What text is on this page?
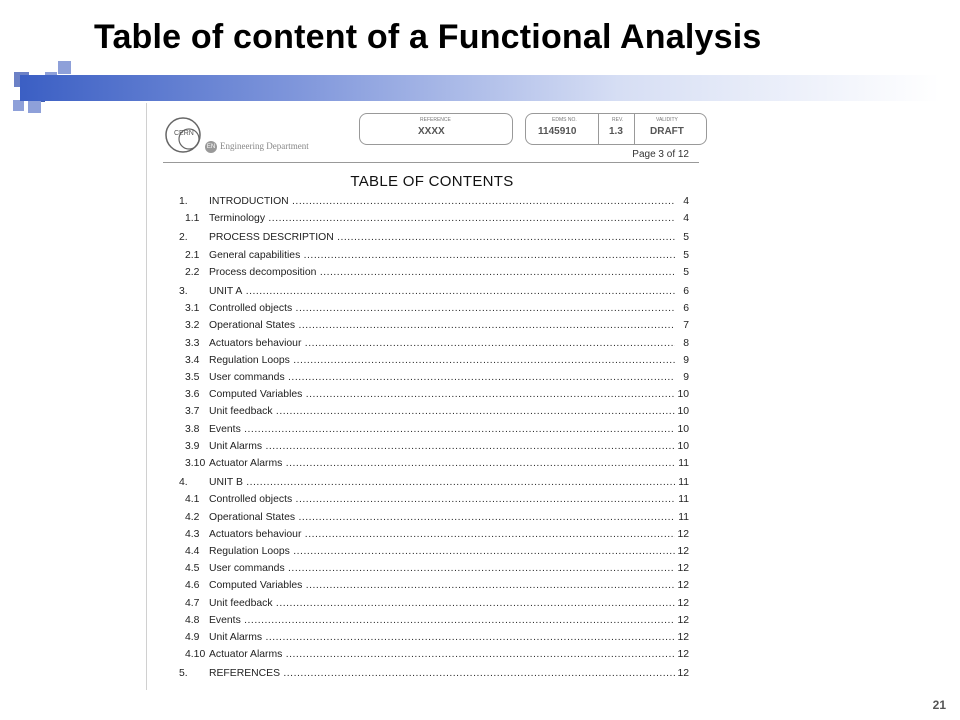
Table of content of a Functional Analysis
CERN
EN Engineering Department
REFERENCE
XXXX
EDMS NO.
1145910
REV.
1.3
VALIDITY
DRAFT
Page 3 of 12
TABLE OF CONTENTS
1. INTRODUCTION .....	4
1.1 Terminology .....	4
2. PROCESS DESCRIPTION .....	5
2.1 General capabilities .....	5
2.2 Process decomposition .....	5
3. UNIT A .....	6
3.1 Controlled objects .....	6
3.2 Operational States .....	7
3.3 Actuators behaviour .....	8
3.4 Regulation Loops .....	9
3.5 User commands .....	9
3.6 Computed Variables .....	10
3.7 Unit feedback .....	10
3.8 Events .....	10
3.9 Unit Alarms .....	10
3.10 Actuator Alarms .....	11
4. UNIT B .....	11
4.1 Controlled objects .....	11
4.2 Operational States .....	11
4.3 Actuators behaviour .....	12
4.4 Regulation Loops .....	12
4.5 User commands .....	12
4.6 Computed Variables .....	12
4.7 Unit feedback .....	12
4.8 Events .....	12
4.9 Unit Alarms .....	12
4.10 Actuator Alarms .....	12
5. REFERENCES .....	12
21
